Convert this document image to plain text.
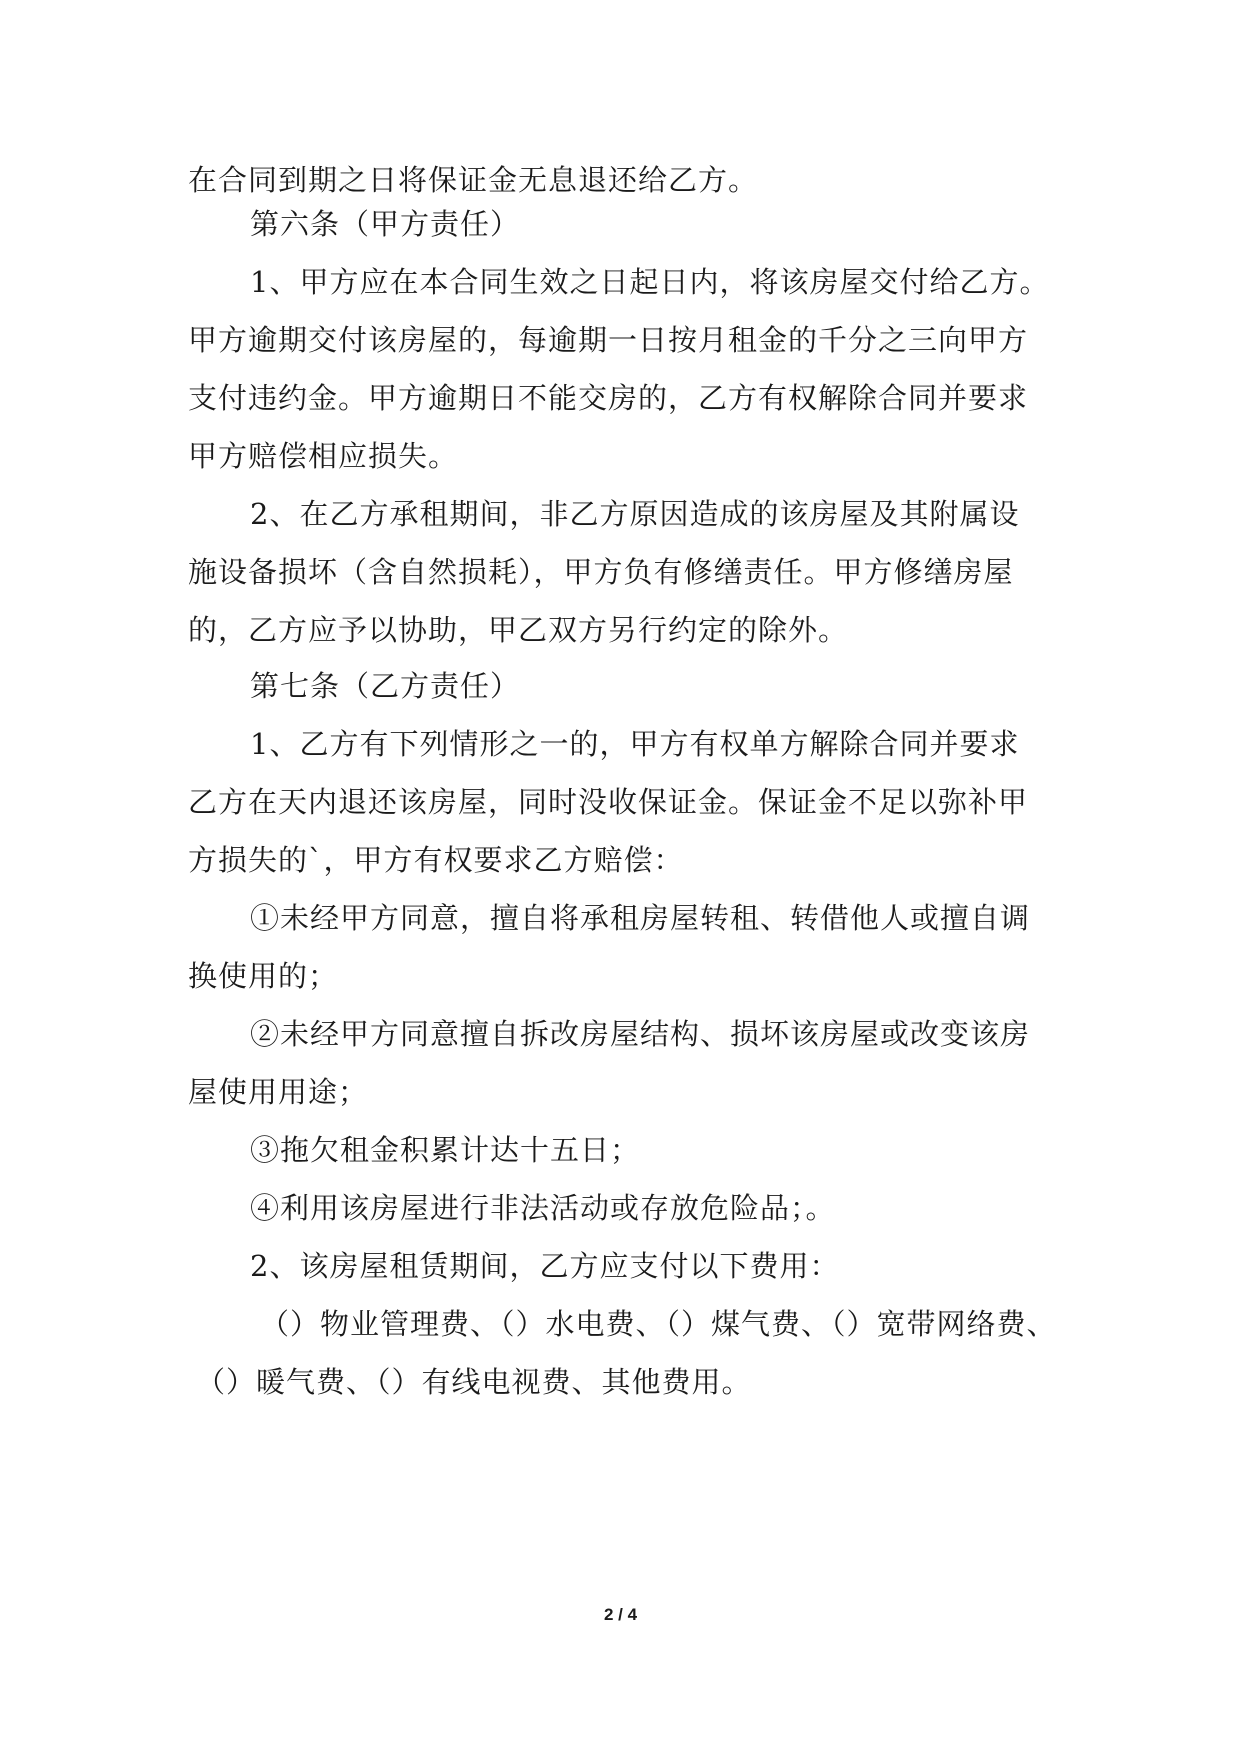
在合同到期之日将保证金无息退还给乙方。
第六条（甲方责任）
1、甲方应在本合同生效之日起日内，将该房屋交付给乙方。
甲方逾期交付该房屋的，每逾期一日按月租金的千分之三向甲方
支付违约金。甲方逾期日不能交房的，乙方有权解除合同并要求
甲方赔偿相应损失。
2、在乙方承租期间，非乙方原因造成的该房屋及其附属设
施设备损坏（含自然损耗），甲方负有修缮责任。甲方修缮房屋
的，乙方应予以协助，甲乙双方另行约定的除外。
第七条（乙方责任）
1、乙方有下列情形之一的，甲方有权单方解除合同并要求
乙方在天内退还该房屋，同时没收保证金。保证金不足以弥补甲
方损失的`，甲方有权要求乙方赔偿：
①未经甲方同意，擅自将承租房屋转租、转借他人或擅自调
换使用的；
②未经甲方同意擅自拆改房屋结构、损坏该房屋或改变该房
屋使用用途；
③拖欠租金积累计达十五日；
④利用该房屋进行非法活动或存放危险品；。
2、该房屋租赁期间，乙方应支付以下费用：
（）物业管理费、（）水电费、（）煤气费、（）宽带网络费、
（）暖气费、（）有线电视费、其他费用。
2 / 4
